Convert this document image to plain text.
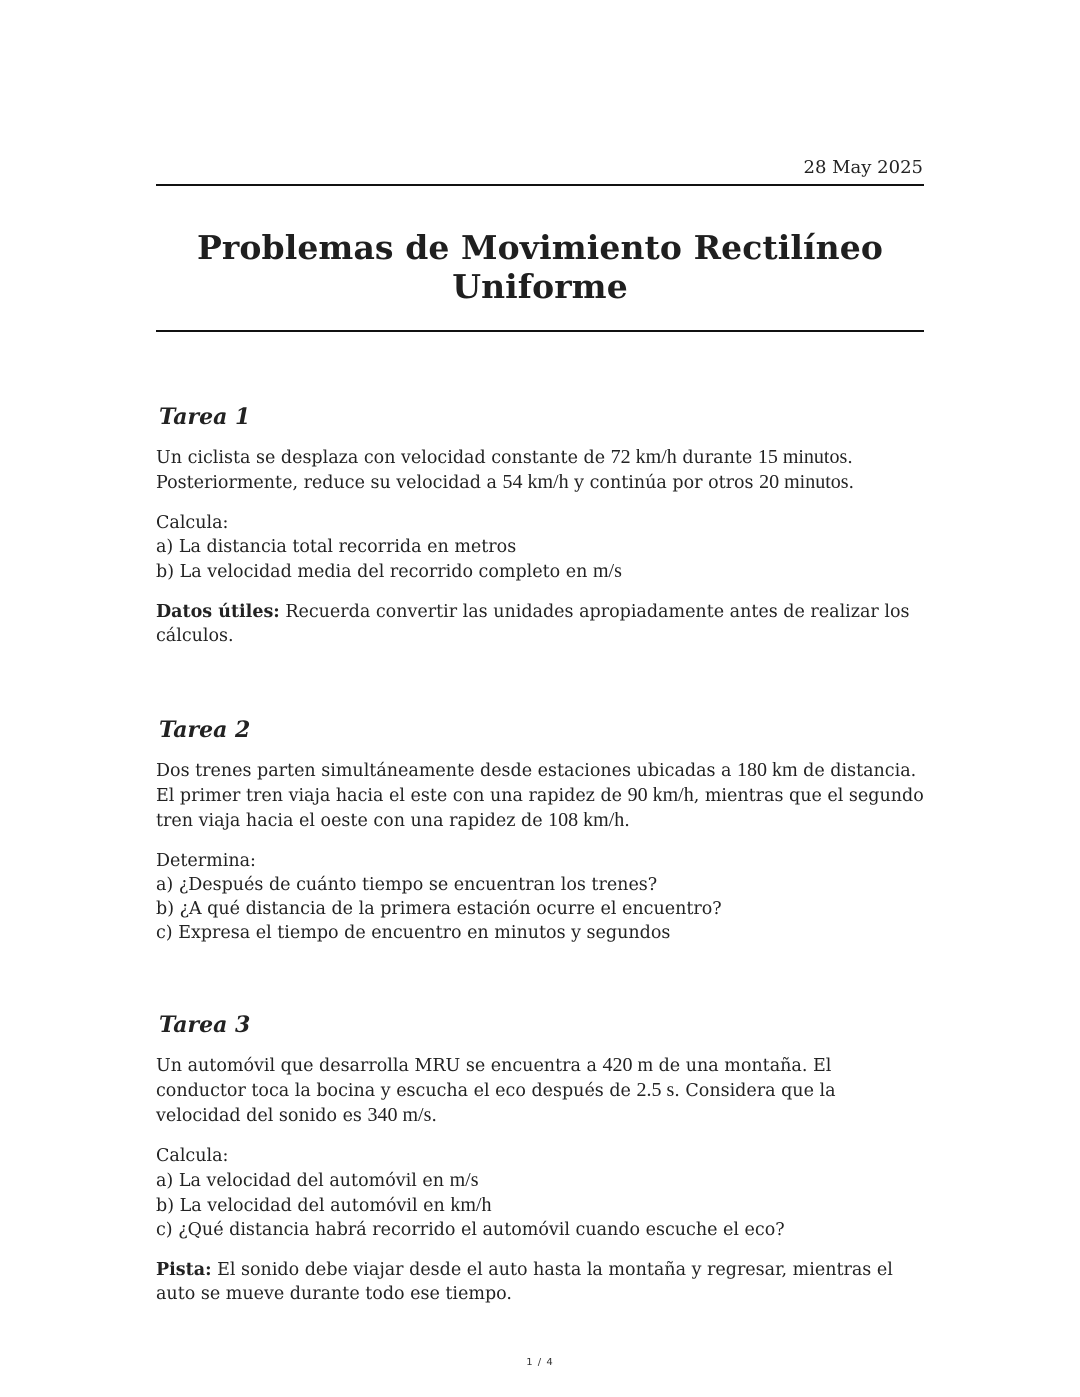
28 May 2025
Problemas de Movimiento Rectilíneo Uniforme
Tarea 1

Un ciclista se desplaza con velocidad constante de 72 km/h durante 15 minutos. Posteriormente, reduce su velocidad a 54 km/h y continúa por otros 20 minutos.

Calcula:

a) La distancia total recorrida en metros

b) La velocidad media del recorrido completo en m/s

Datos útiles: Recuerda convertir las unidades apropiadamente antes de realizar los cálculos.

Tarea 2

Dos trenes parten simultáneamente desde estaciones ubicadas a 180 km de distancia. El primer tren viaja hacia el este con una rapidez de 90 km/h, mientras que el segundo tren viaja hacia el oeste con una rapidez de 108 km/h.

Determina:

a) ¿Después de cuánto tiempo se encuentran los trenes?

b) ¿A qué distancia de la primera estación ocurre el encuentro?

c) Expresa el tiempo de encuentro en minutos y segundos

Tarea 3

Un automóvil que desarrolla MRU se encuentra a 420 m de una montaña. El conductor toca la bocina y escucha el eco después de 2.5 s. Considera que la velocidad del sonido es 340 m/s.

Calcula:

a) La velocidad del automóvil en m/s

b) La velocidad del automóvil en km/h

c) ¿Qué distancia habrá recorrido el automóvil cuando escuche el eco?

Pista: El sonido debe viajar desde el auto hasta la montaña y regresar, mientras el auto se mueve durante todo ese tiempo.

1 / 4
